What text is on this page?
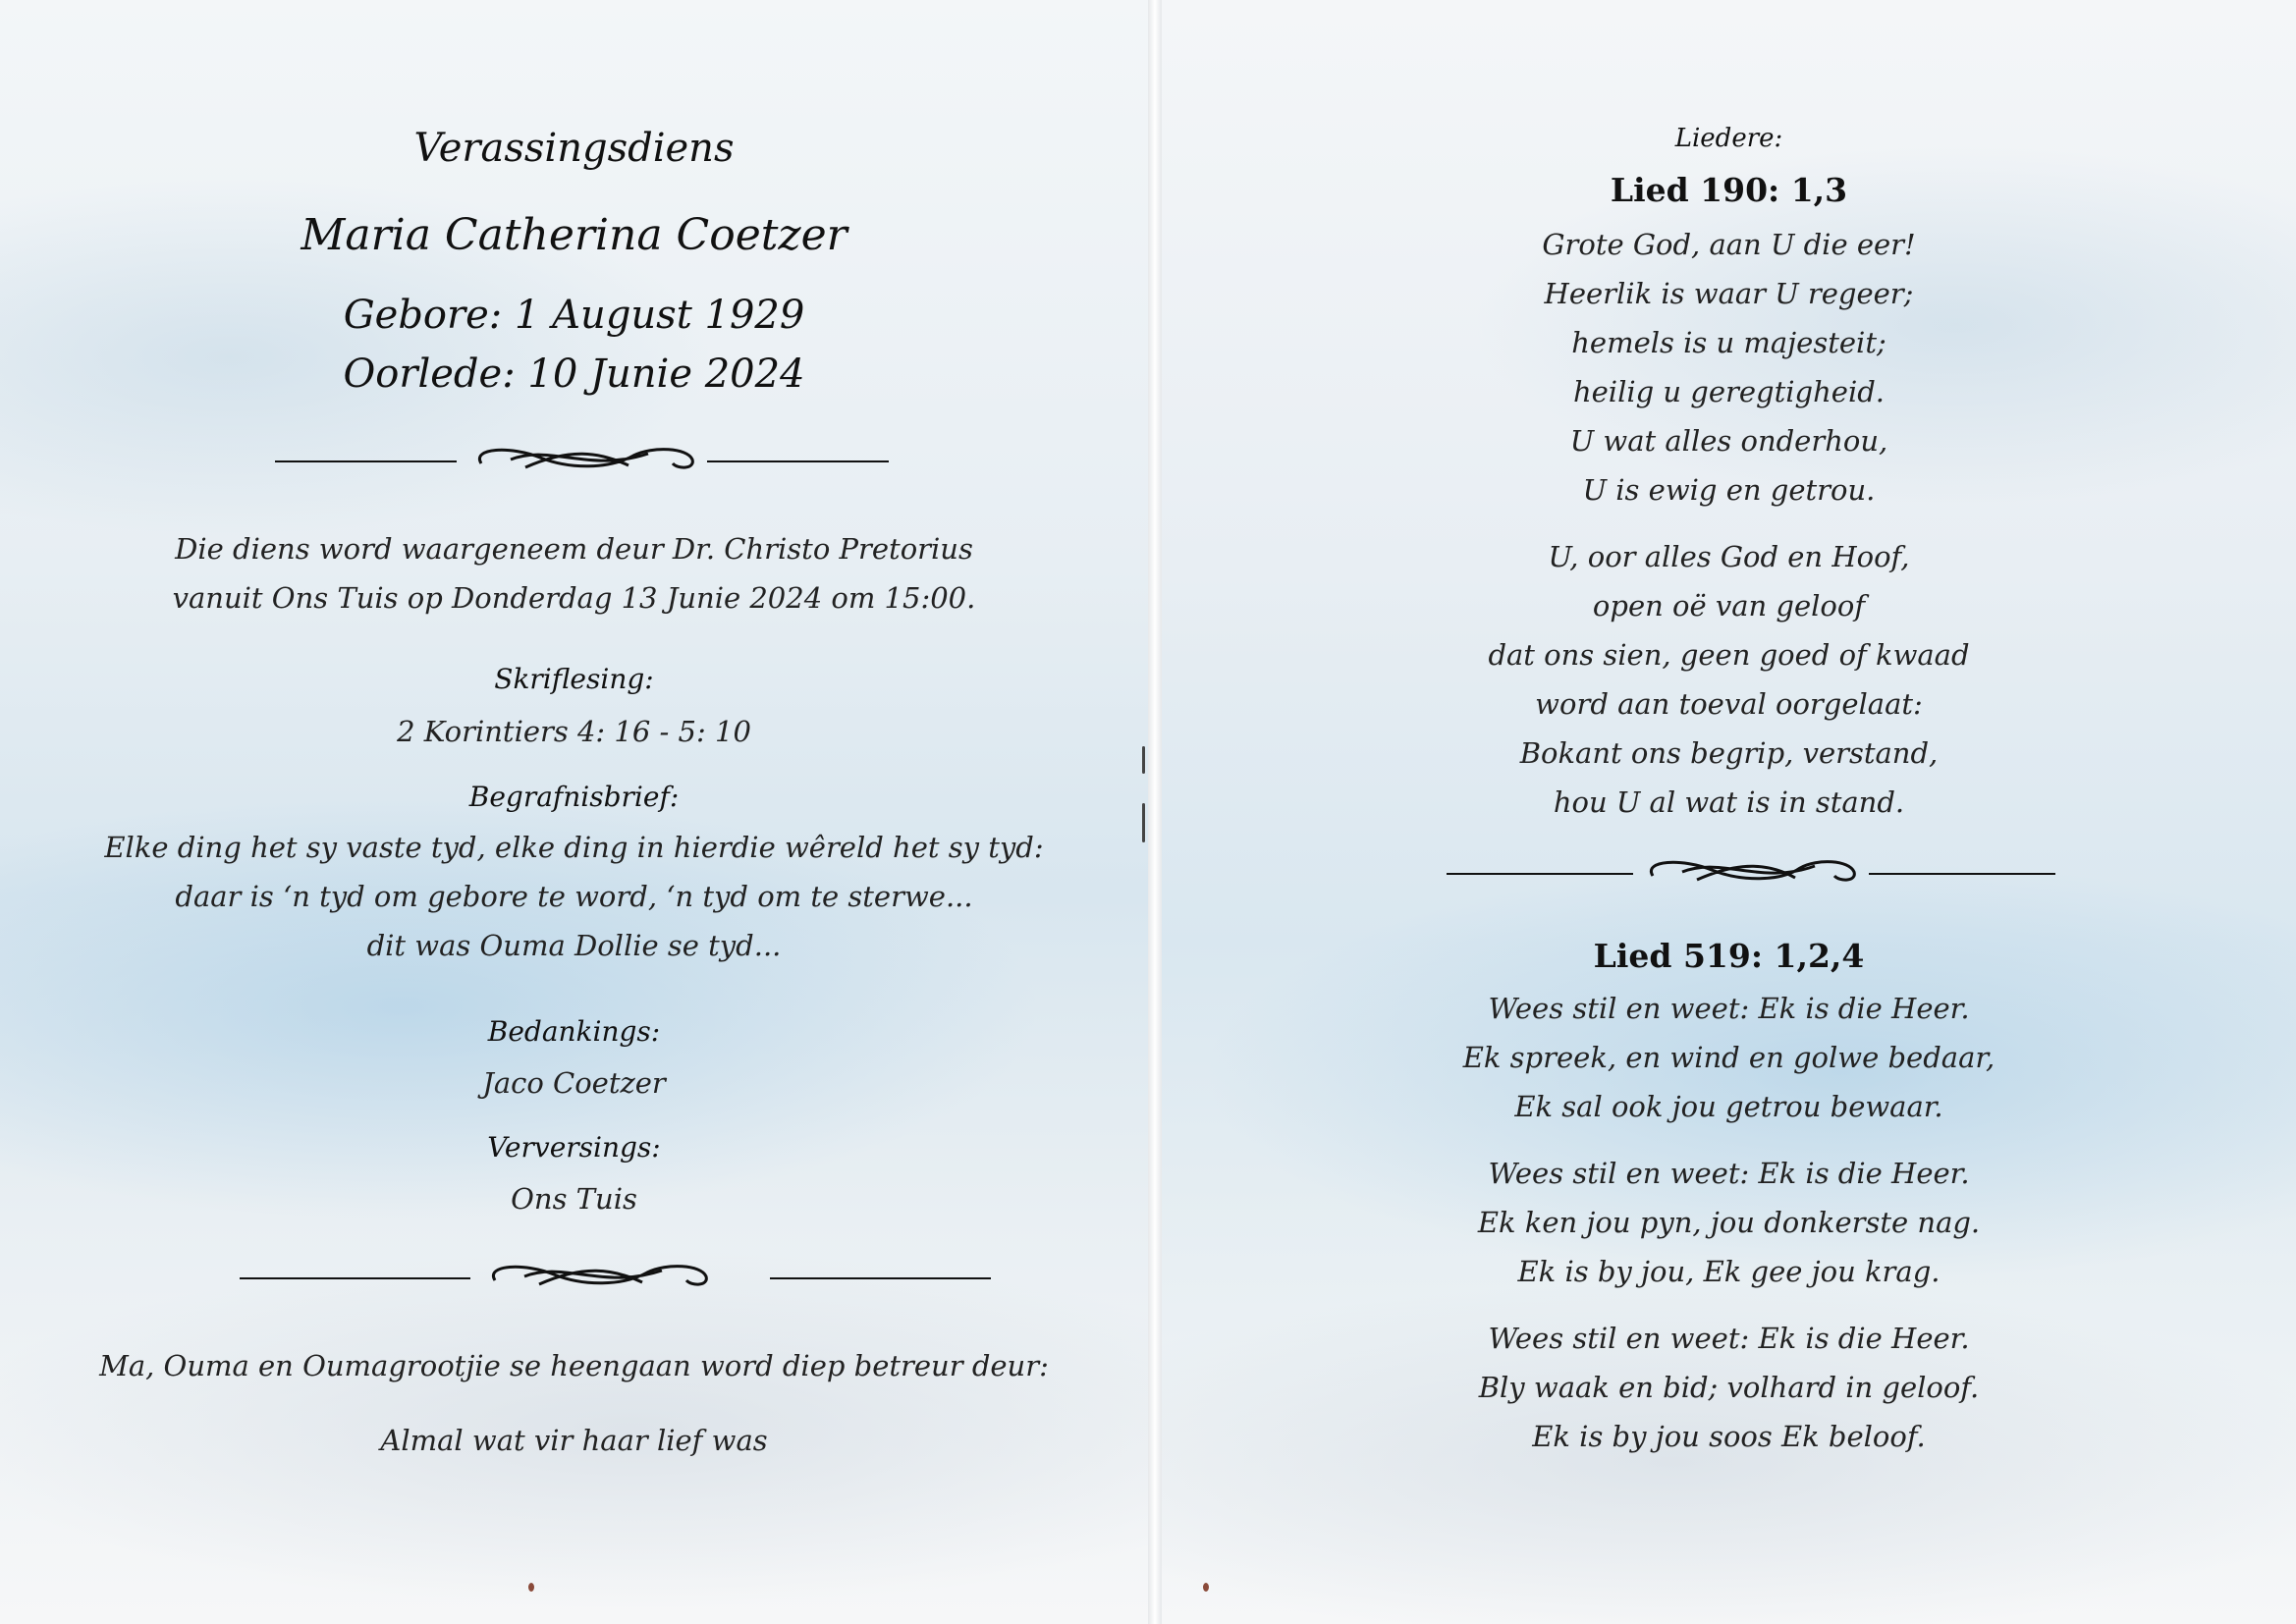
Verassingsdiens
Maria Catherina Coetzer
Gebore: 1 August 1929
Oorlede: 10 Junie 2024
Die diens word waargeneem deur Dr. Christo Pretorius
vanuit Ons Tuis op Donderdag 13 Junie 2024 om 15:00.
Skriflesing:
2 Korintiers 4: 16 - 5: 10
Begrafnisbrief:
Elke ding het sy vaste tyd, elke ding in hierdie wêreld het sy tyd:
daar is ‘n tyd om gebore te word, ‘n tyd om te sterwe...
dit was Ouma Dollie se tyd...
Bedankings:
Jaco Coetzer
Verversings:
Ons Tuis
Ma, Ouma en Oumagrootjie se heengaan word diep betreur deur:
Almal wat vir haar lief was
Liedere:
Lied 190: 1,3
Grote God, aan U die eer!
Heerlik is waar U regeer;
hemels is u majesteit;
heilig u geregtigheid.
U wat alles onderhou,
U is ewig en getrou.
U, oor alles God en Hoof,
open oë van geloof
dat ons sien, geen goed of kwaad
word aan toeval oorgelaat:
Bokant ons begrip, verstand,
hou U al wat is in stand.
Lied 519: 1,2,4
Wees stil en weet: Ek is die Heer.
Ek spreek, en wind en golwe bedaar,
Ek sal ook jou getrou bewaar.
Wees stil en weet: Ek is die Heer.
Ek ken jou pyn, jou donkerste nag.
Ek is by jou, Ek gee jou krag.
Wees stil en weet: Ek is die Heer.
Bly waak en bid; volhard in geloof.
Ek is by jou soos Ek beloof.
